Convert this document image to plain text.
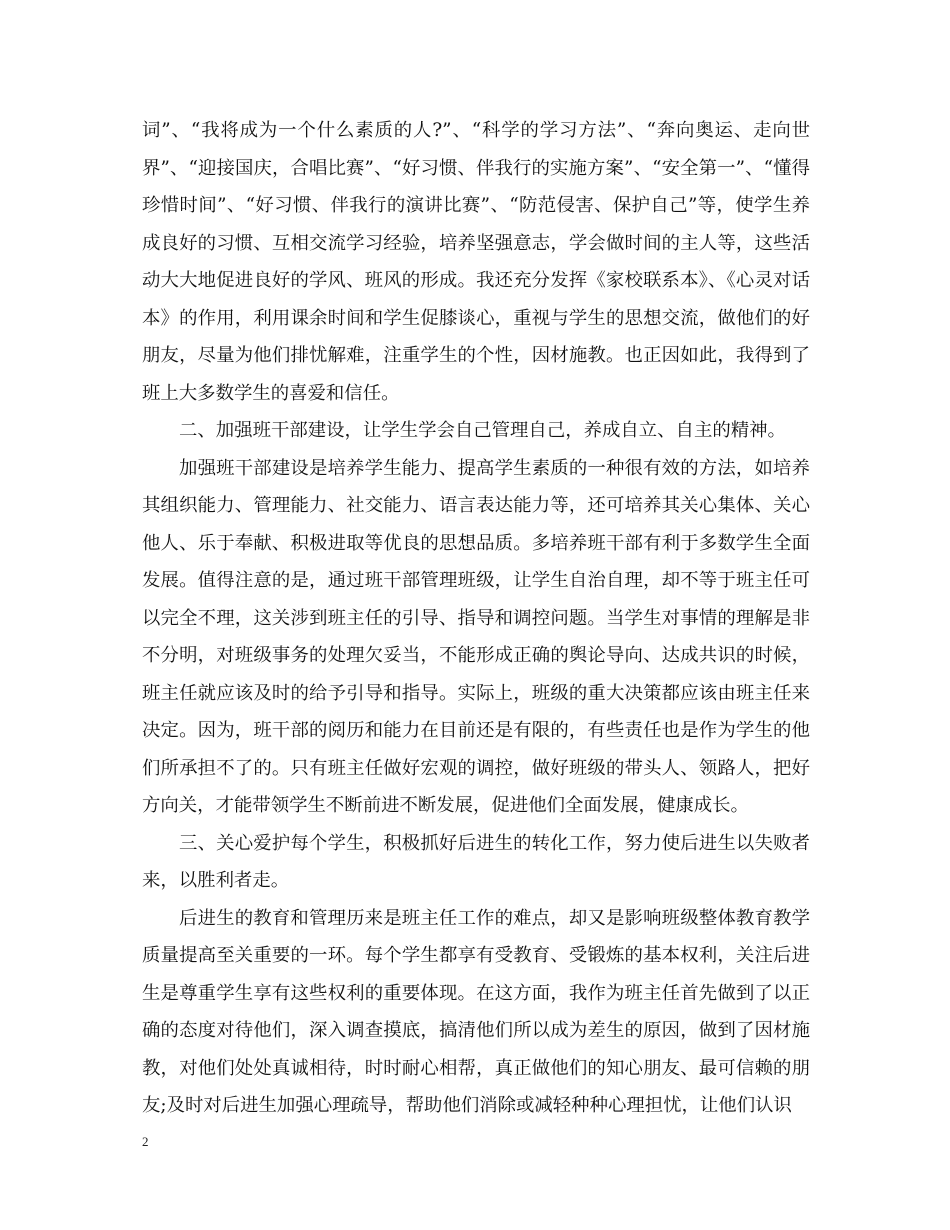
词”、“我将成为一个什么素质的人?”、“科学的学习方法”、“奔向奥运、走向世界”、“迎接国庆，合唱比赛”、“好习惯、伴我行的实施方案”、“安全第一”、“懂得珍惜时间”、“好习惯、伴我行的演讲比赛”、“防范侵害、保护自己”等，使学生养成良好的习惯、互相交流学习经验，培养坚强意志，学会做时间的主人等，这些活动大大地促进良好的学风、班风的形成。我还充分发挥《家校联系本》、《心灵对话本》的作用，利用课余时间和学生促膝谈心，重视与学生的思想交流，做他们的好朋友，尽量为他们排忧解难，注重学生的个性，因材施教。也正因如此，我得到了班上大多数学生的喜爱和信任。

二、加强班干部建设，让学生学会自己管理自己，养成自立、自主的精神。

加强班干部建设是培养学生能力、提高学生素质的一种很有效的方法，如培养其组织能力、管理能力、社交能力、语言表达能力等，还可培养其关心集体、关心他人、乐于奉献、积极进取等优良的思想品质。多培养班干部有利于多数学生全面发展。值得注意的是，通过班干部管理班级，让学生自治自理，却不等于班主任可以完全不理，这关涉到班主任的引导、指导和调控问题。当学生对事情的理解是非不分明，对班级事务的处理欠妥当，不能形成正确的舆论导向、达成共识的时候，班主任就应该及时的给予引导和指导。实际上，班级的重大决策都应该由班主任来决定。因为，班干部的阅历和能力在目前还是有限的，有些责任也是作为学生的他们所承担不了的。只有班主任做好宏观的调控，做好班级的带头人、领路人，把好方向关，才能带领学生不断前进不断发展，促进他们全面发展，健康成长。

三、关心爱护每个学生，积极抓好后进生的转化工作，努力使后进生以失败者来，以胜利者走。

后进生的教育和管理历来是班主任工作的难点，却又是影响班级整体教育教学质量提高至关重要的一环。每个学生都享有受教育、受锻炼的基本权利，关注后进生是尊重学生享有这些权利的重要体现。在这方面，我作为班主任首先做到了以正确的态度对待他们，深入调查摸底，搞清他们所以成为差生的原因，做到了因材施教，对他们处处真诚相待，时时耐心相帮，真正做他们的知心朋友、最可信赖的朋友;及时对后进生加强心理疏导，帮助他们消除或减轻种种心理担忧，让他们认识

2
